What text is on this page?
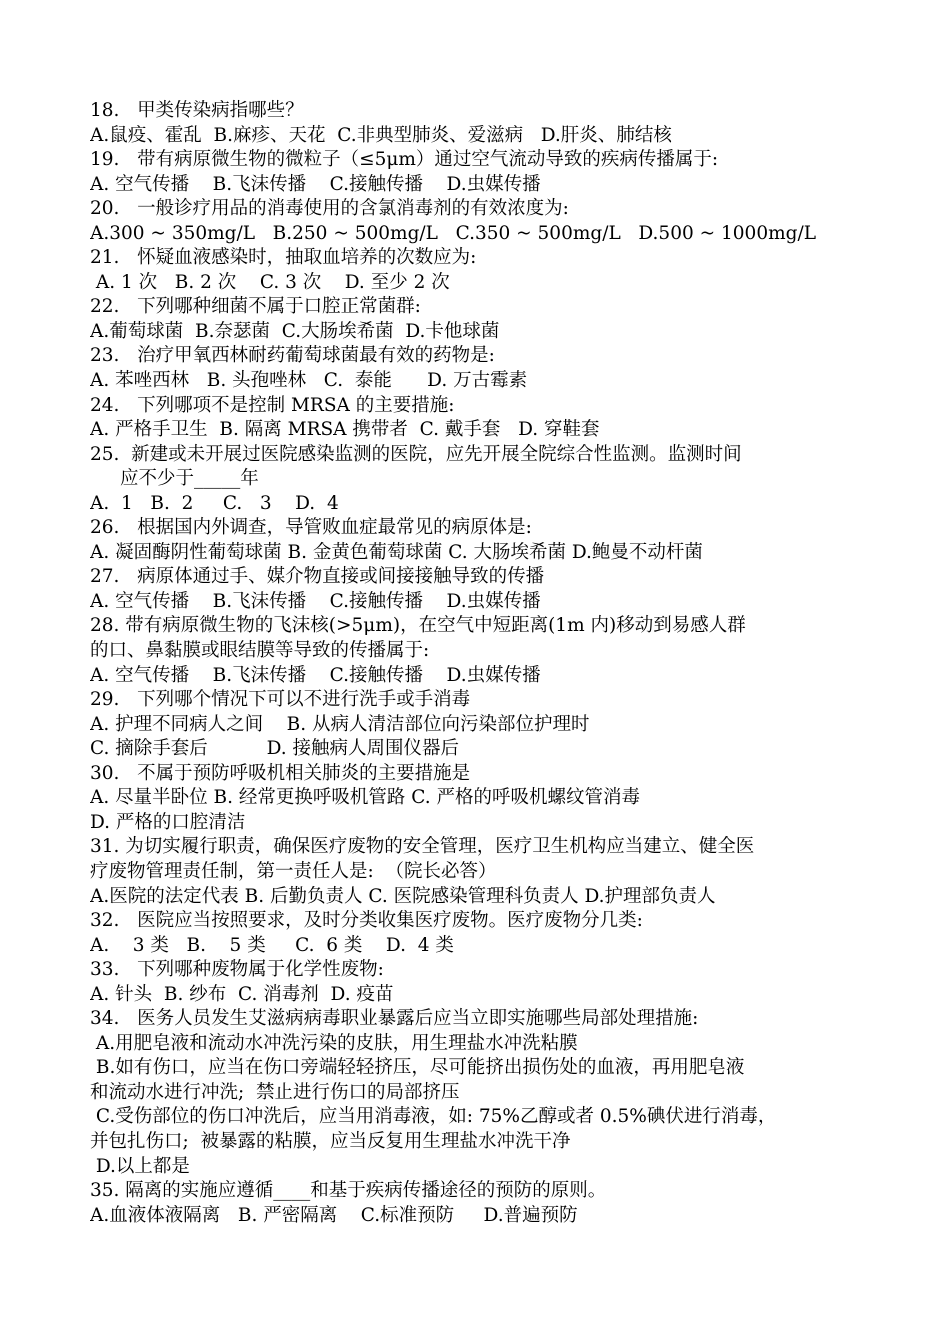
18.   甲类传染病指哪些？
A.鼠疫、霍乱  B.麻疹、天花  C.非典型肺炎、爱滋病   D.肝炎、肺结核
19.   带有病原微生物的微粒子（≤5μm）通过空气流动导致的疾病传播属于:
A. 空气传播    B.飞沫传播    C.接触传播    D.虫媒传播
20.   一般诊疗用品的消毒使用的含氯消毒剂的有效浓度为:
A.300 ~ 350mg/L   B.250 ~ 500mg/L   C.350 ~ 500mg/L   D.500 ~ 1000mg/L
21.   怀疑血液感染时，抽取血培养的次数应为:
A. 1 次   B. 2 次    C. 3 次    D. 至少 2 次
22.   下列哪种细菌不属于口腔正常菌群:
A.葡萄球菌  B.奈瑟菌  C.大肠埃希菌  D.卡他球菌
23.   治疗甲氧西林耐药葡萄球菌最有效的药物是:
A. 苯唑西林   B. 头孢唑林   C.  泰能      D. 万古霉素
24.   下列哪项不是控制 MRSA 的主要措施:
A. 严格手卫生  B. 隔离 MRSA 携带者  C. 戴手套   D. 穿鞋套
25.  新建或未开展过医院感染监测的医院，应先开展全院综合性监测。监测时间
应不少于_____年
A.  1   B.  2     C.   3    D.  4
26.   根据国内外调查，导管败血症最常见的病原体是:
A. 凝固酶阴性葡萄球菌 B. 金黄色葡萄球菌 C. 大肠埃希菌 D.鲍曼不动杆菌
27.   病原体通过手、媒介物直接或间接接触导致的传播
A. 空气传播    B.飞沫传播    C.接触传播    D.虫媒传播
28. 带有病原微生物的飞沫核(>5μm)，在空气中短距离(1m 内)移动到易感人群
的口、鼻黏膜或眼结膜等导致的传播属于:
A. 空气传播    B.飞沫传播    C.接触传播    D.虫媒传播
29.   下列哪个情况下可以不进行洗手或手消毒
A. 护理不同病人之间    B. 从病人清洁部位向污染部位护理时
C. 摘除手套后          D. 接触病人周围仪器后
30.   不属于预防呼吸机相关肺炎的主要措施是
A. 尽量半卧位 B. 经常更换呼吸机管路 C. 严格的呼吸机螺纹管消毒
D. 严格的口腔清洁
31. 为切实履行职责，确保医疗废物的安全管理，医疗卫生机构应当建立、健全医
疗废物管理责任制，第一责任人是:  （院长必答）
A.医院的法定代表 B. 后勤负责人 C. 医院感染管理科负责人 D.护理部负责人
32.   医院应当按照要求，及时分类收集医疗废物。医疗废物分几类:
A.    3 类   B.    5 类     C.  6 类    D.  4 类
33.   下列哪种废物属于化学性废物:
A. 针头  B. 纱布  C. 消毒剂  D. 疫苗
34.   医务人员发生艾滋病病毒职业暴露后应当立即实施哪些局部处理措施:
A.用肥皂液和流动水冲洗污染的皮肤，用生理盐水冲洗粘膜
B.如有伤口，应当在伤口旁端轻轻挤压，尽可能挤出损伤处的血液，再用肥皂液
和流动水进行冲洗;  禁止进行伤口的局部挤压
C.受伤部位的伤口冲洗后，应当用消毒液，如: 75%乙醇或者 0.5%碘伏进行消毒，
并包扎伤口;  被暴露的粘膜，应当反复用生理盐水冲洗干净
D.以上都是
35. 隔离的实施应遵循____和基于疾病传播途径的预防的原则。
A.血液体液隔离   B. 严密隔离    C.标准预防     D.普遍预防
